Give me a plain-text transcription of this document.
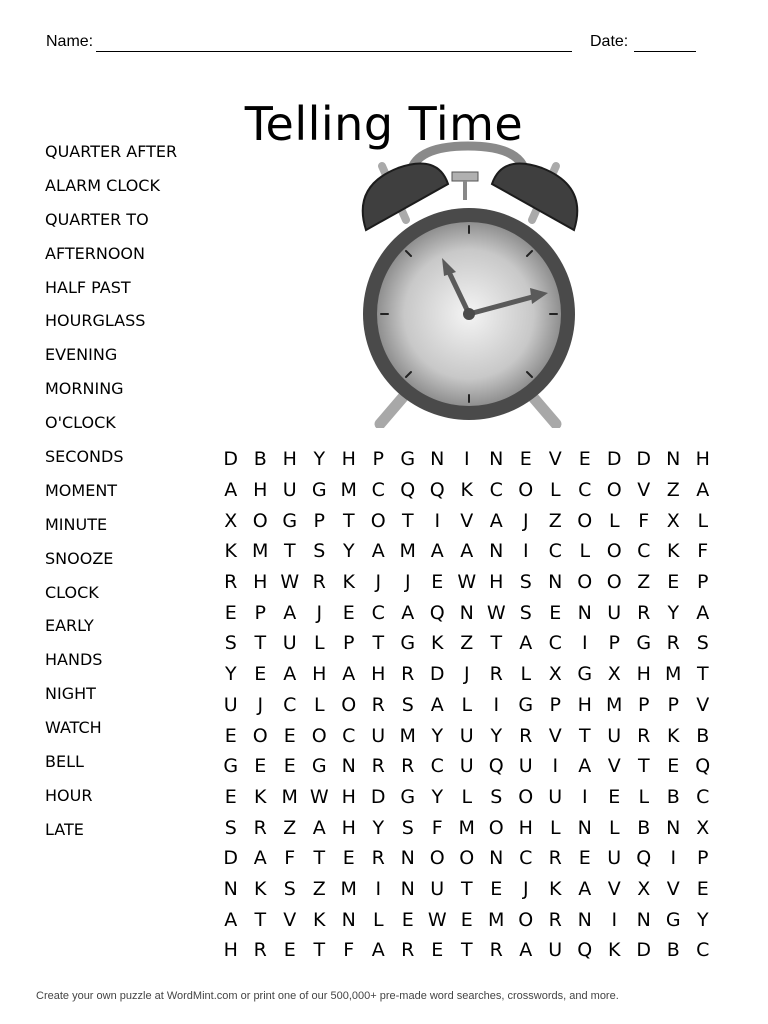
Name:	Date:
Telling Time
QUARTER AFTER
ALARM CLOCK
QUARTER TO
AFTERNOON
HALF PAST
HOURGLASS
EVENING
MORNING
O'CLOCK
SECONDS
MOMENT
MINUTE
SNOOZE
CLOCK
EARLY
HANDS
NIGHT
WATCH
BELL
HOUR
LATE
D B H Y H P G N	I	N E V E D D N H
A H U G M C Q Q K C O L C O V Z A
X O G P T O T	I	V A	J	Z O L F X L
K M T S Y A M A A N	I	C L O C K F
R H W R K	J	J	E W H S N O O Z E P
E P A	J	E C A Q N W S E N U R Y A
S T U L P T G K Z T A C	I	P G R S
Y E A H A H R D	J	R L X G X H M T
U	J	C L O R S A L	I	G P H M P P V
E O E O C U M Y U Y R V T U R K B
G E E G N R R C U Q U	I	A V T E Q
E K M W H D G Y L S O U	I	E L B C
S R Z A H Y S F M O H L N L B N X
D A F T E R N O O N C R E U Q	I	P
N K S Z M I	N U T E	J	K A V X V E
A T V K N L E W E M O R N	I	N G Y
H R E T F A R E T R A U Q K D B C
Create your own puzzle at WordMint.com or print one of our 500,000+ pre-made word searches, crosswords, and more.
